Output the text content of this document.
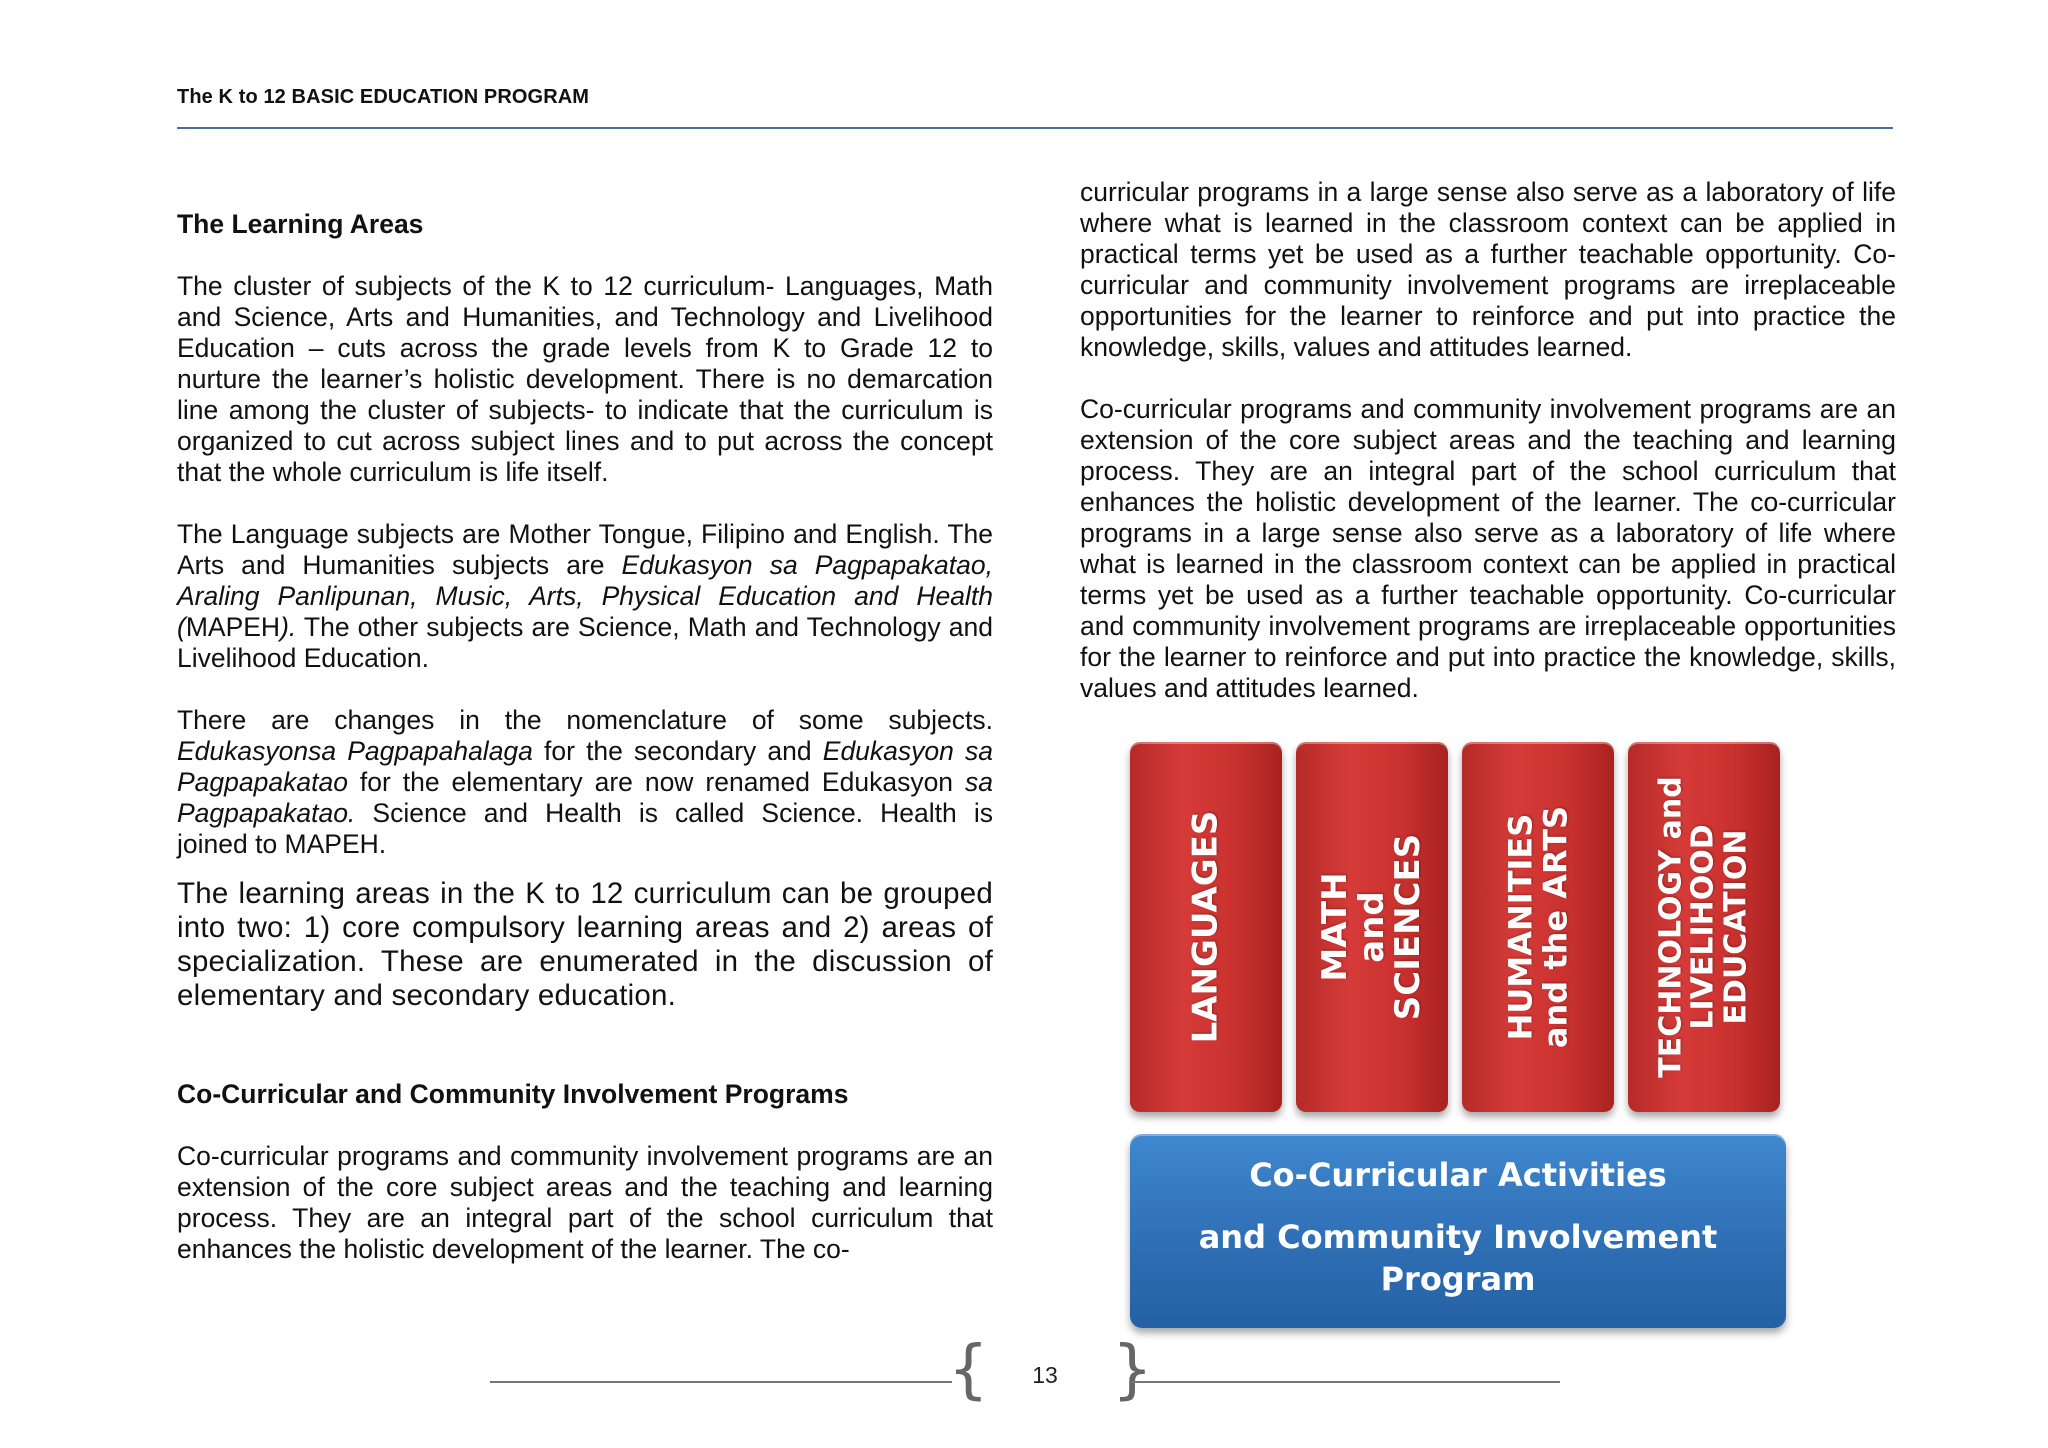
The K to 12 BASIC EDUCATION PROGRAM
The Learning Areas

The cluster of subjects of the K to 12 curriculum- Languages, Math and Science, Arts and Humanities, and Technology and Livelihood Education – cuts across the grade levels from K to Grade 12 to nurture the learner’s holistic development. There is no demarcation line among the cluster of subjects- to indicate that the curriculum is organized to cut across subject lines and to put across the concept that the whole curriculum is life itself.

The Language subjects are Mother Tongue, Filipino and English. The Arts and Humanities subjects are Edukasyon sa Pagpapakatao, Araling Panlipunan, Music, Arts, Physical Education and Health (MAPEH). The other subjects are Science, Math and Technology and Livelihood Education.

There are changes in the nomenclature of some subjects. Edukasyonsa Pagpapahalaga for the secondary and Edukasyon sa Pagpapakatao for the elementary are now renamed Edukasyon sa Pagpapakatao. Science and Health is called Science. Health is joined to MAPEH.

The learning areas in the K to 12 curriculum can be grouped into two: 1) core compulsory learning areas and 2) areas of specialization. These are enumerated in the discussion of elementary and secondary education.

Co-Curricular and Community Involvement Programs

Co-curricular programs and community involvement programs are an extension of the core subject areas and the teaching and learning process. They are an integral part of the school curriculum that enhances the holistic development of the learner. The co-

curricular programs in a large sense also serve as a laboratory of life where what is learned in the classroom context can be applied in practical terms yet be used as a further teachable opportunity. Co-curricular and community involvement programs are irreplaceable opportunities for the learner to reinforce and put into practice the knowledge, skills, values and attitudes learned.

Co-curricular programs and community involvement programs are an extension of the core subject areas and the teaching and learning process. They are an integral part of the school curriculum that enhances the holistic development of the learner. The co-curricular programs in a large sense also serve as a laboratory of life where what is learned in the classroom context can be applied in practical terms yet be used as a further teachable opportunity. Co-curricular and community involvement programs are irreplaceable opportunities for the learner to reinforce and put into practice the knowledge, skills, values and attitudes learned.

LANGUAGES	MATH
and
SCIENCES HUMANITIES
and the ARTS	TECHNOLOGY and
LIVELIHOOD
EDUCATION
Co-Curricular Activities
and Community Involvement
Program
{	13 }
